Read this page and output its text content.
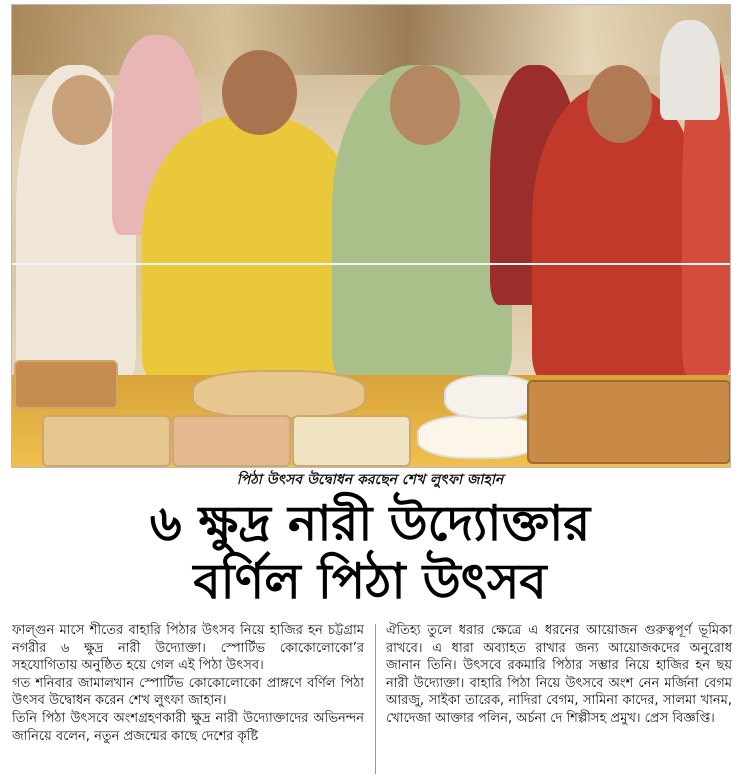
পিঠা উৎসব উদ্বোধন করছেন শেখ লুৎফা জাহান
৬ ক্ষুদ্র নারী উদ্যোক্তার
বর্ণিল পিঠা উৎসব

ফাল্গুন মাসে শীতের বাহারি পিঠার উৎসব নিয়ে হাজির হন চট্টগ্রাম নগরীর ৬ ক্ষুদ্র নারী উদ্যোক্তা। স্পোর্টিভ কোকোলোকো’র সহযোগিতায় অনুষ্ঠিত হয়ে গেল এই পিঠা উৎসব।

গত শনিবার জামালখান স্পোর্টিভ কোকোলোকো প্রাঙ্গণে বর্ণিল পিঠা উৎসব উদ্বোধন করেন শেখ লুৎফা জাহান।

তিনি পিঠা উৎসবে অংশগ্রহণকারী ক্ষুদ্র নারী উদ্যোক্তাদের অভিনন্দন জানিয়ে বলেন, নতুন প্রজন্মের কাছে দেশের কৃষ্টি

ঐতিহ্য তুলে ধরার ক্ষেত্রে এ ধরনের আয়োজন গুরুত্বপূর্ণ ভূমিকা রাখবে। এ ধারা অব্যাহত রাখার জন্য আয়োজকদের অনুরোধ জানান তিনি। উৎসবে রকমারি পিঠার সম্ভার নিয়ে হাজির হন ছয় নারী উদ্যোক্তা। বাহারি পিঠা নিয়ে উৎসবে অংশ নেন মর্জিনা বেগম আরজু, সাইকা তারেক, নাদিরা বেগম, সামিনা কাদের, সালমা খানম, খোদেজা আক্তার পলিন, অর্চনা দে শিল্পীসহ প্রমুখ। প্রেস বিজ্ঞপ্তি।
